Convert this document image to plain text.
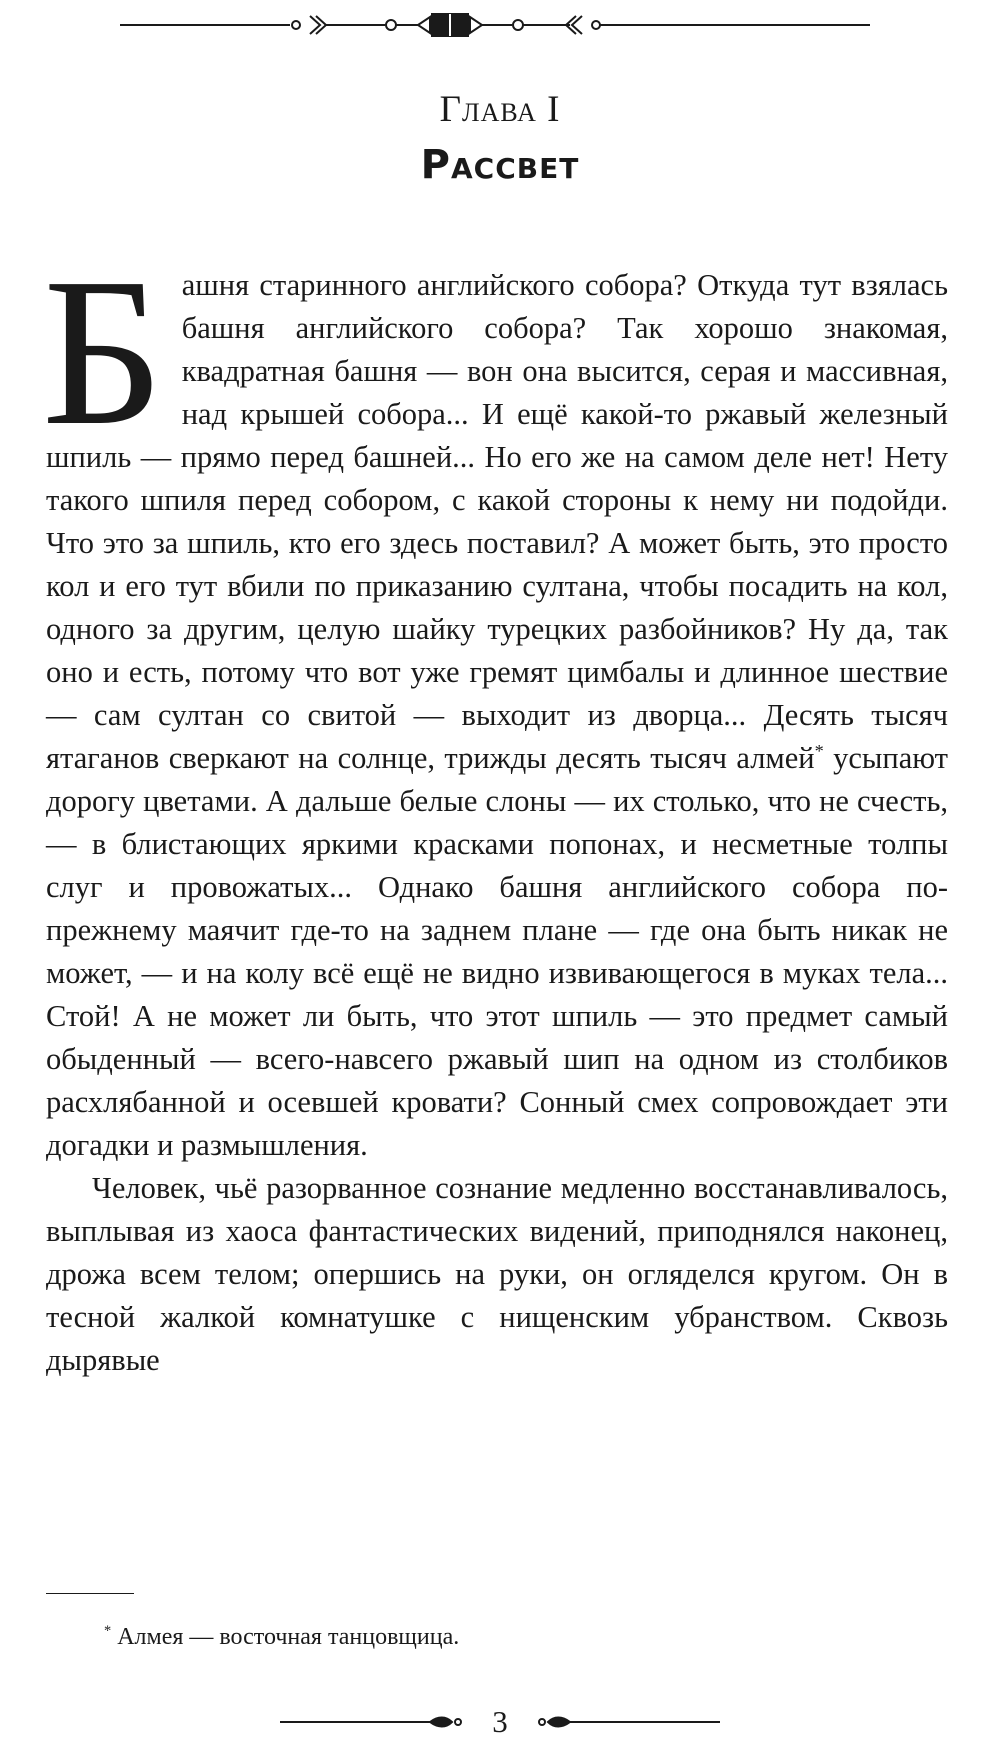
Глава I
Рассвет

Башня старинного английского собора? Откуда тут взялась башня английского собора? Так хорошо знакомая, квадратная башня — вон она высится, серая и массивная, над крышей собора... И ещё какой-то ржавый железный шпиль — прямо перед башней... Но его же на самом деле нет! Нету такого шпиля перед собором, с какой стороны к нему ни подойди. Что это за шпиль, кто его здесь поставил? А может быть, это просто кол и его тут вбили по приказанию султана, чтобы посадить на кол, одного за другим, целую шайку турецких разбойников? Ну да, так оно и есть, потому что вот уже гремят цимбалы и длинное шествие — сам султан со свитой — выходит из дворца... Десять тысяч ятаганов сверкают на солнце, трижды десять тысяч алмей* усыпают дорогу цветами. А дальше белые слоны — их столько, что не счесть, — в блистающих яркими красками попонах, и несметные толпы слуг и провожатых... Однако башня английского собора по-прежнему маячит где-то на заднем плане — где она быть никак не может, — и на колу всё ещё не видно извивающегося в муках тела... Стой! А не может ли быть, что этот шпиль — это предмет самый обыденный — всего-навсего ржавый шип на одном из столбиков расхлябанной и осевшей кровати? Сонный смех сопровождает эти догадки и размышления.

Человек, чьё разорванное сознание медленно восстанавливалось, выплывая из хаоса фантастических видений, приподнялся наконец, дрожа всем телом; опершись на руки, он огляделся кругом. Он в тесной жалкой комнатушке с нищенским убранством. Сквозь дырявые

* Алмея — восточная танцовщица.
3
